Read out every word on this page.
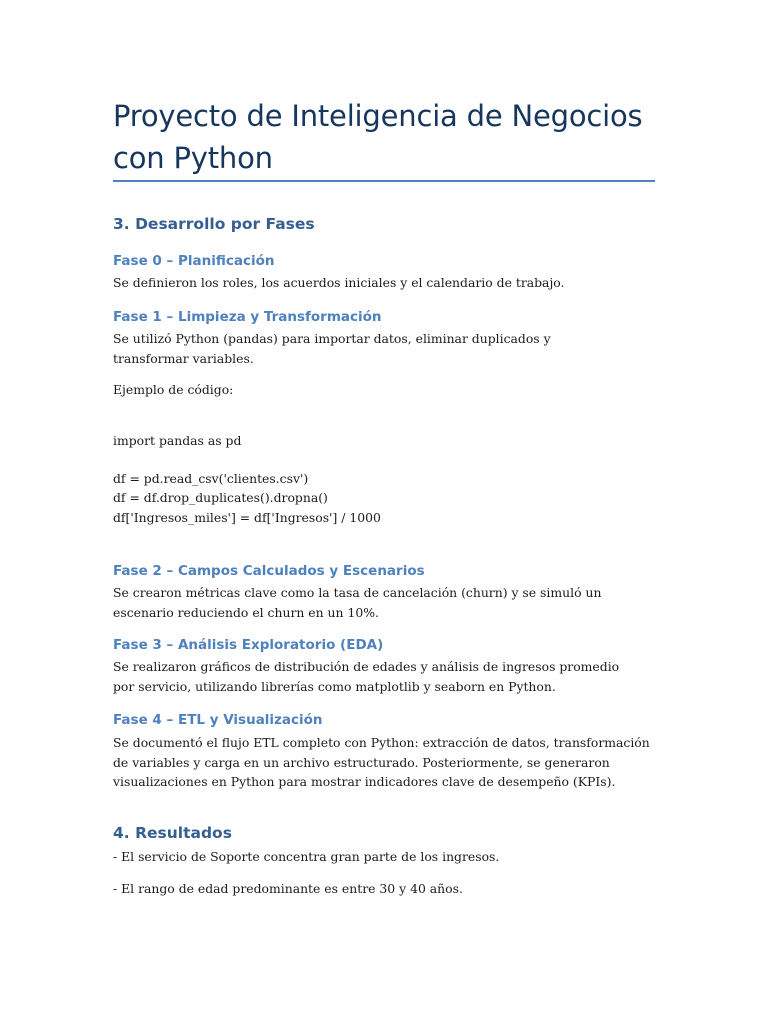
Proyecto de Inteligencia de Negocios con Python
3. Desarrollo por Fases
Fase 0 – Planificación

Se definieron los roles, los acuerdos iniciales y el calendario de trabajo.

Fase 1 – Limpieza y Transformación

Se utilizó Python (pandas) para importar datos, eliminar duplicados y transformar variables.

Ejemplo de código:

import pandas as pd
df = pd.read_csv('clientes.csv')
df = df.drop_duplicates().dropna()
df['Ingresos_miles'] = df['Ingresos'] / 1000
Fase 2 – Campos Calculados y Escenarios

Se crearon métricas clave como la tasa de cancelación (churn) y se simuló un escenario reduciendo el churn en un 10%.

Fase 3 – Análisis Exploratorio (EDA)

Se realizaron gráficos de distribución de edades y análisis de ingresos promedio por servicio, utilizando librerías como matplotlib y seaborn en Python.

Fase 4 – ETL y Visualización

Se documentó el flujo ETL completo con Python: extracción de datos, transformación de variables y carga en un archivo estructurado. Posteriormente, se generaron visualizaciones en Python para mostrar indicadores clave de desempeño (KPIs).

4. Resultados

- El servicio de Soporte concentra gran parte de los ingresos.

- El rango de edad predominante es entre 30 y 40 años.
